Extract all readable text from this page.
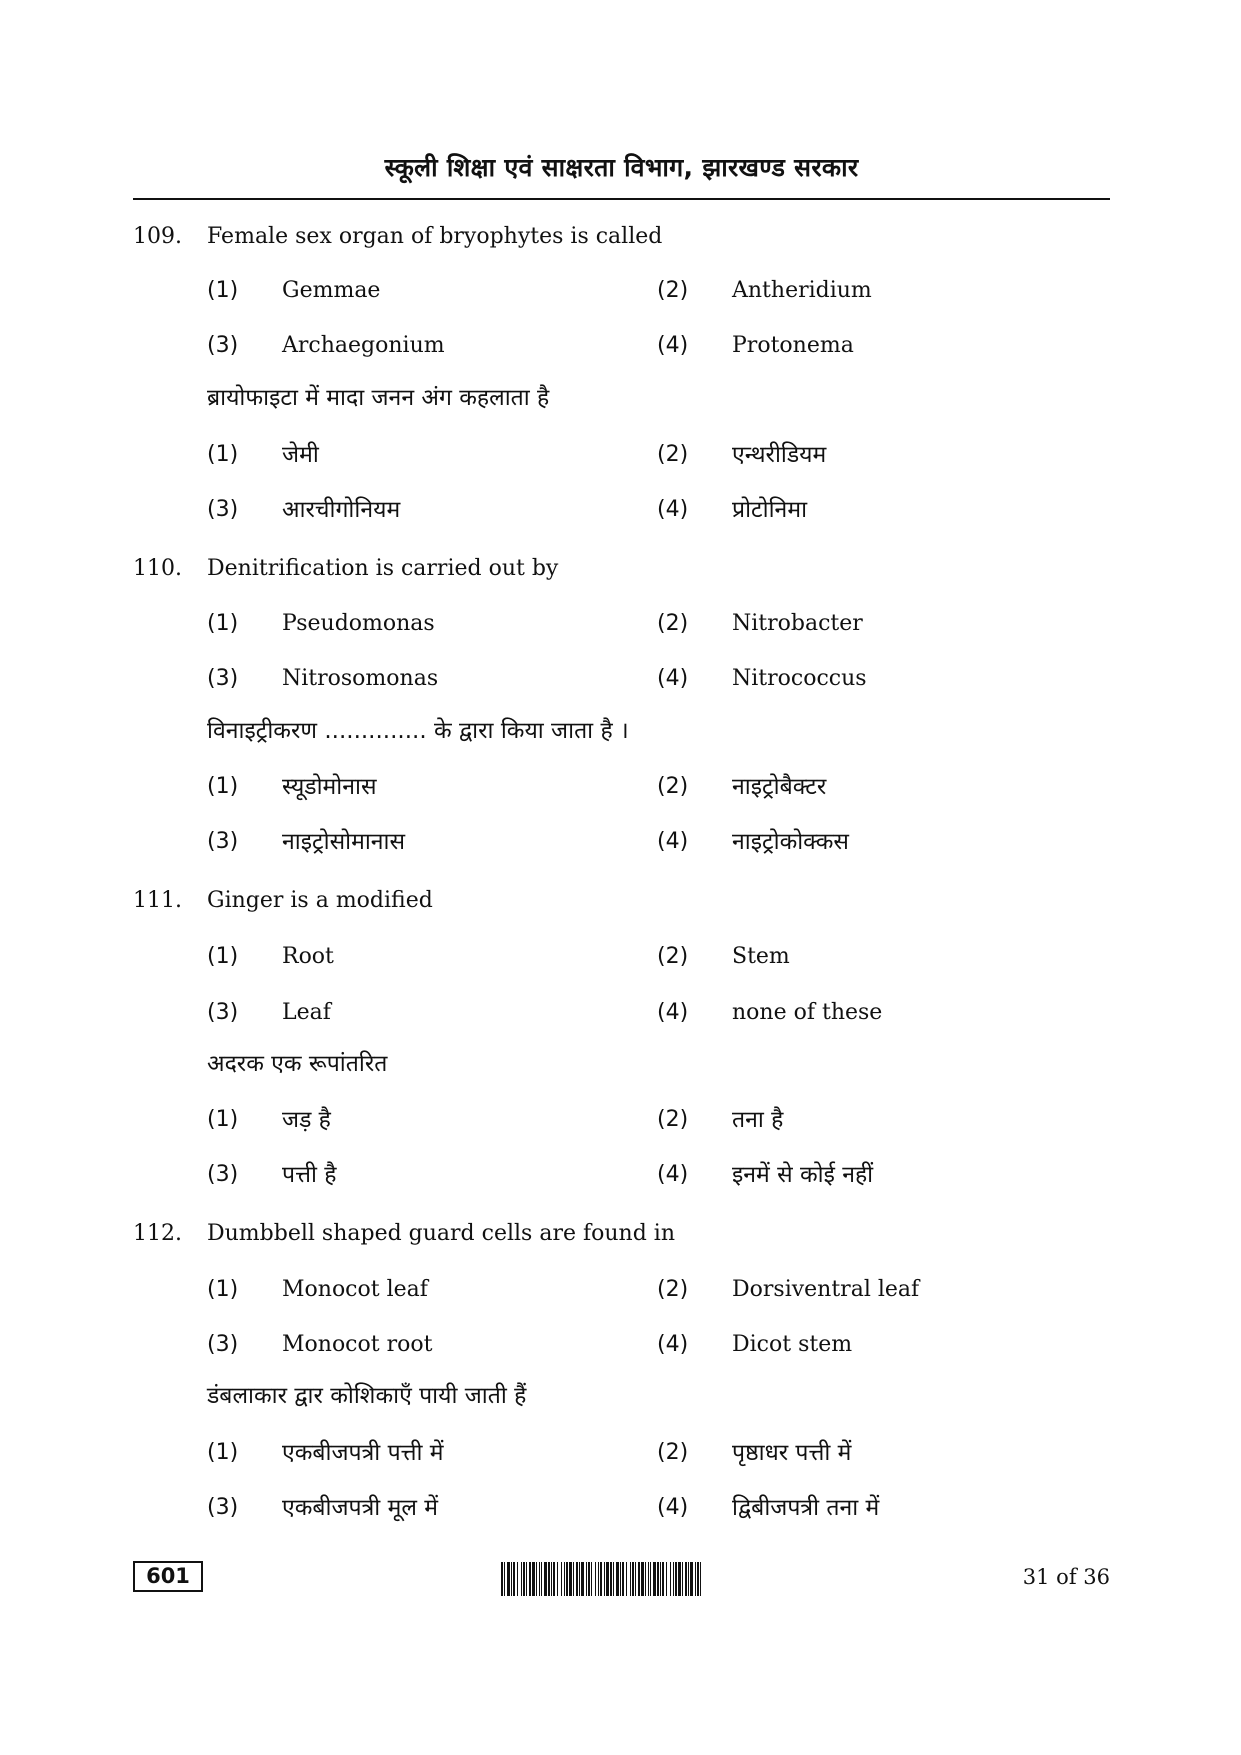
स्कूली शिक्षा एवं साक्षरता विभाग, झारखण्ड सरकार
109. Female sex organ of bryophytes is called
(1) Gemmae	(2) Antheridium
(3) Archaegonium	(4) Protonema
ब्रायोफाइटा में मादा जनन अंग कहलाता है
(1) जेमी	(2) एन्थरीडियम
(3) आरचीगोनियम	(4) प्रोटोनिमा
110. Denitrification is carried out by
(1) Pseudomonas	(2) Nitrobacter
(3) Nitrosomonas	(4) Nitrococcus
विनाइट्रीकरण .............. के द्वारा किया जाता है ।
(1) स्यूडोमोनास	(2) नाइट्रोबैक्टर
(3) नाइट्रोसोमानास	(4) नाइट्रोकोक्कस
111. Ginger is a modified
(1) Root	(2) Stem
(3) Leaf	(4) none of these
अदरक एक रूपांतरित
(1) जड़ है	(2) तना है
(3) पत्ती है	(4) इनमें से कोई नहीं
112. Dumbbell shaped guard cells are found in
(1) Monocot leaf	(2) Dorsiventral leaf
(3) Monocot root	(4) Dicot stem
डंबलाकार द्वार कोशिकाएँ पायी जाती हैं
(1) एकबीजपत्री पत्ती में	(2) पृष्ठाधर पत्ती में
(3) एकबीजपत्री मूल में	(4) द्विबीजपत्री तना में
601	31 of 36
